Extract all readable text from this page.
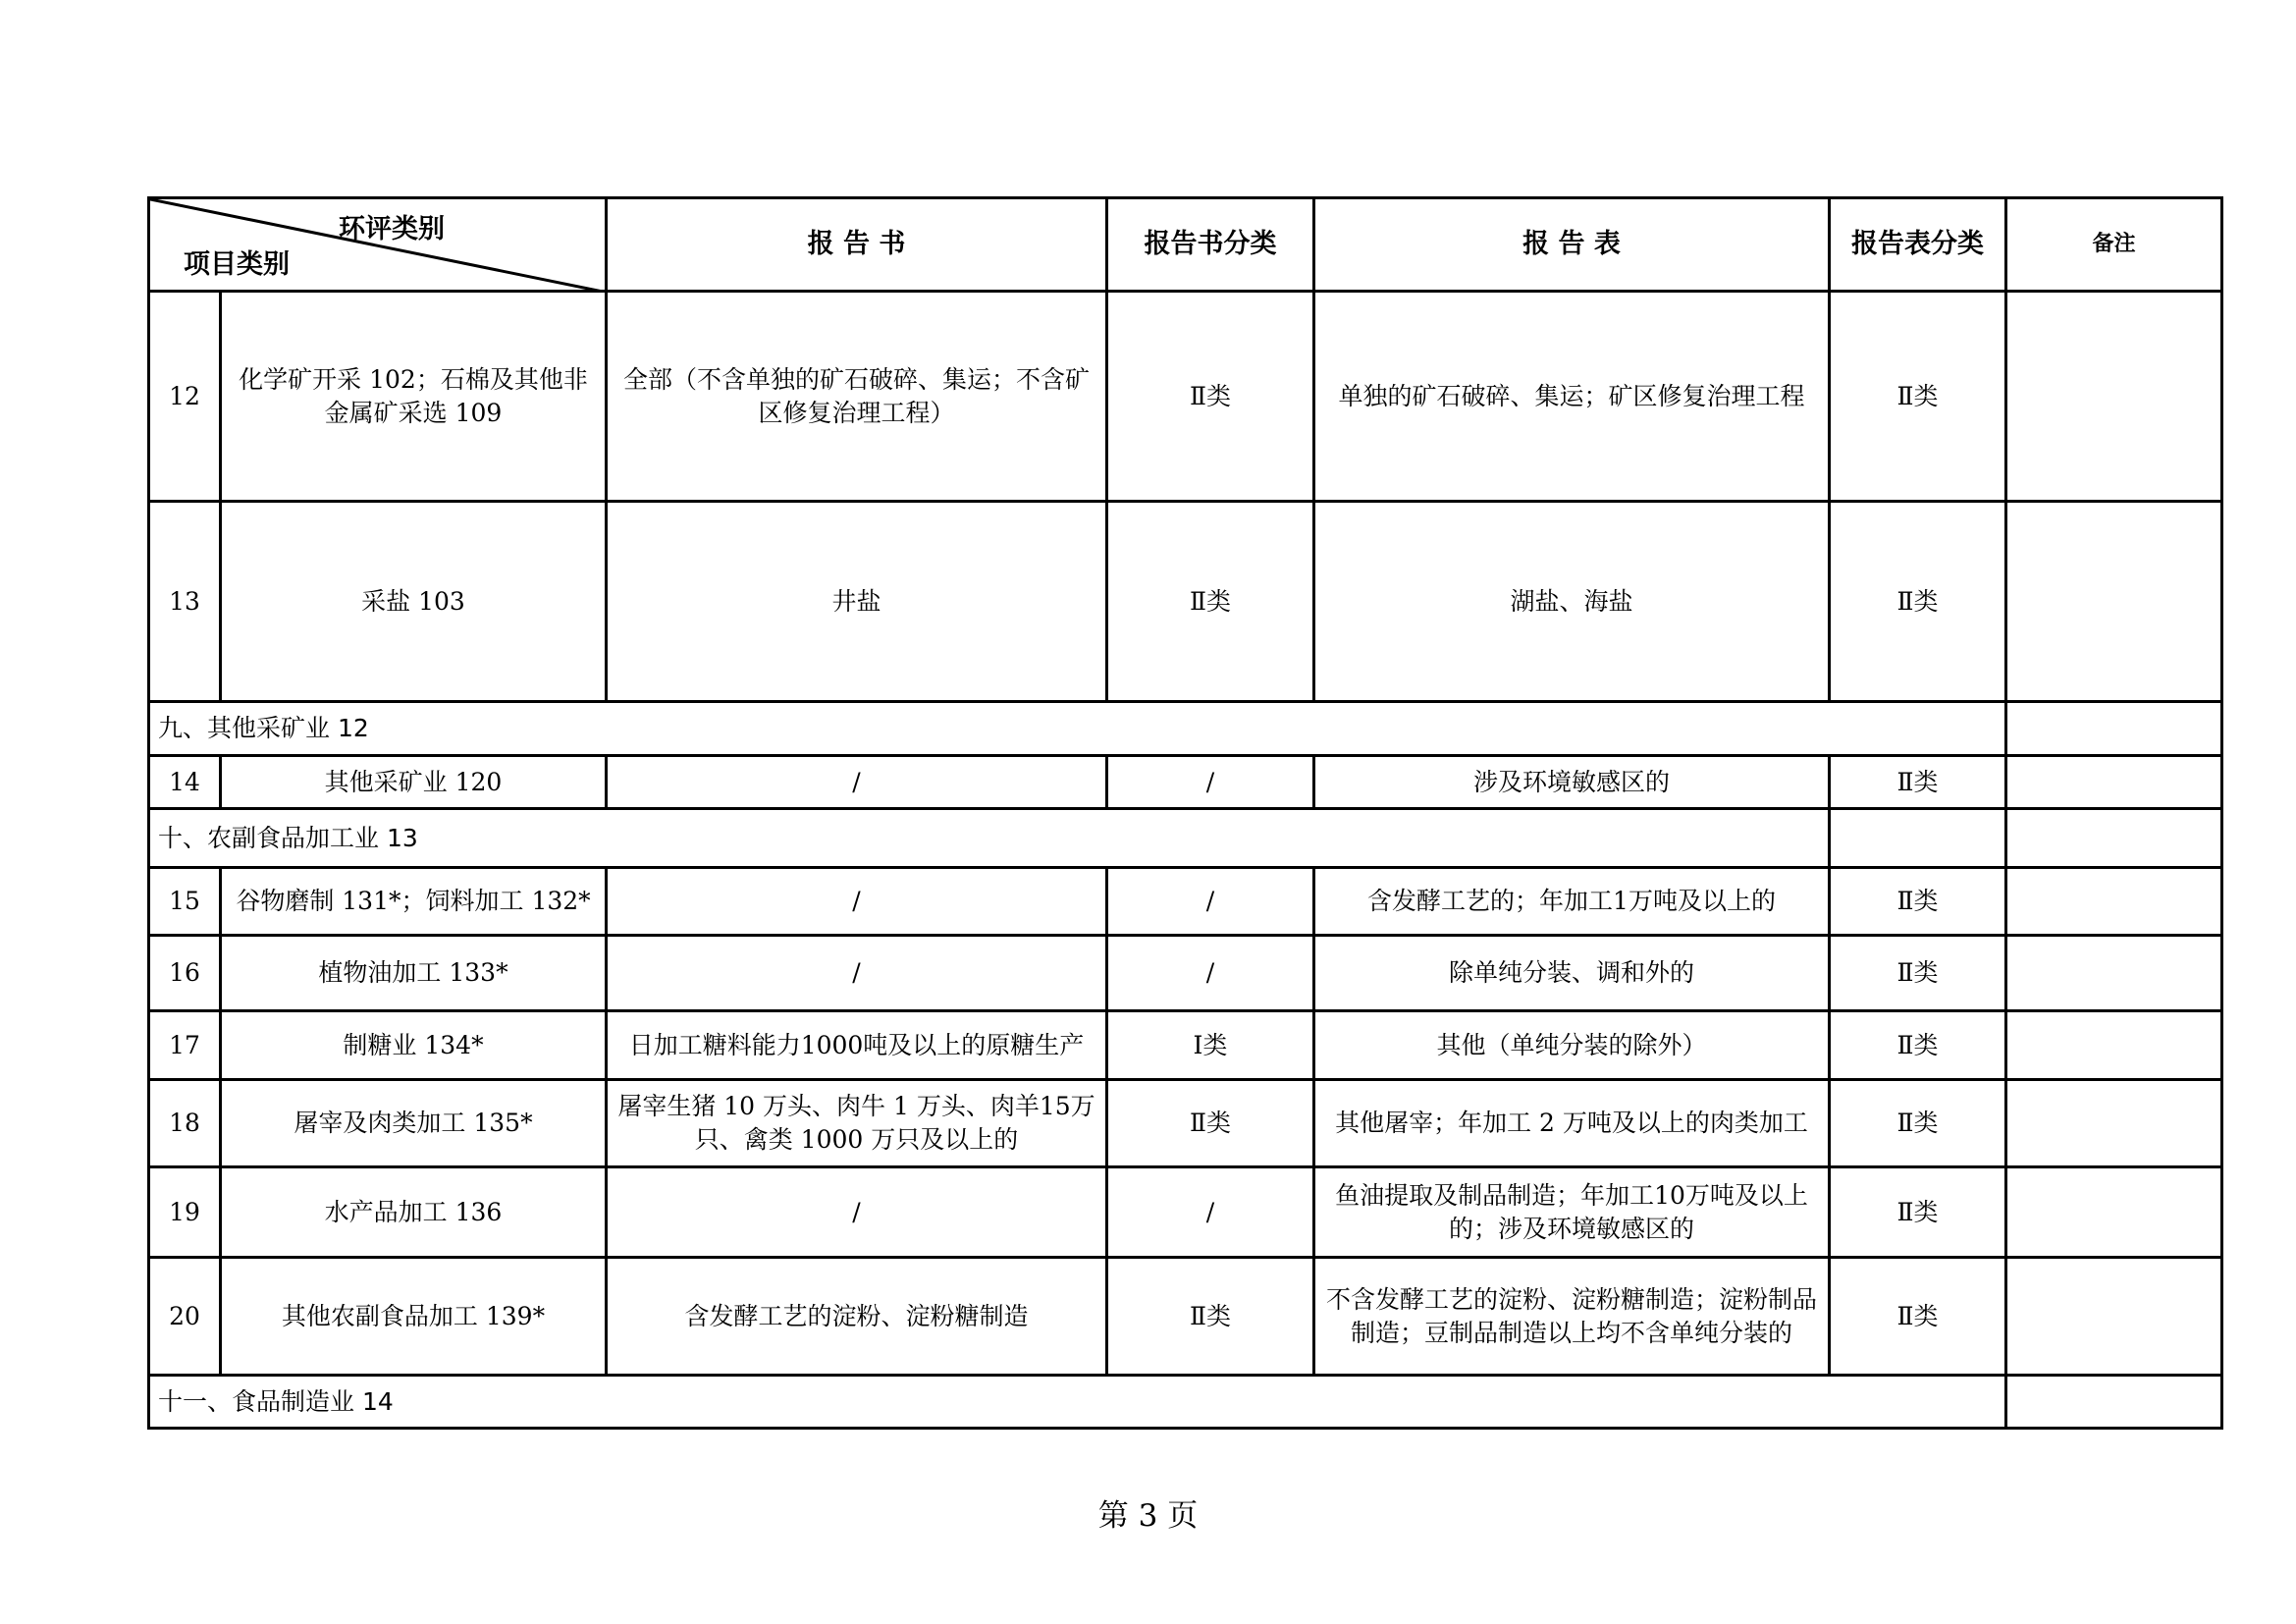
环评类别
项目类别		报 告 书	报告书分类	报 告 表	报告表分类	备注
12	化学矿开采 102；石棉及其他非金属矿采选 109	全部（不含单独的矿石破碎、集运；不含矿区修复治理工程）	Ⅱ类	单独的矿石破碎、集运；矿区修复治理工程	Ⅱ类	
13	采盐 103	井盐	Ⅱ类	湖盐、海盐	Ⅱ类	
九、其他采矿业 12						
14	其他采矿业 120	/	/	涉及环境敏感区的	Ⅱ类	
十、农副食品加工业 13						
15	谷物磨制 131*；饲料加工 132*	/	/	含发酵工艺的；年加工1万吨及以上的	Ⅱ类	
16	植物油加工 133*	/	/	除单纯分装、调和外的	Ⅱ类	
17	制糖业 134*	日加工糖料能力1000吨及以上的原糖生产	Ⅰ类	其他（单纯分装的除外）	Ⅱ类	
18	屠宰及肉类加工 135*	屠宰生猪 10 万头、肉牛 1 万头、肉羊15万只、禽类 1000 万只及以上的	Ⅱ类	其他屠宰；年加工 2 万吨及以上的肉类加工	Ⅱ类	
19	水产品加工 136	/	/	鱼油提取及制品制造；年加工10万吨及以上的；涉及环境敏感区的	Ⅱ类	
20	其他农副食品加工 139*	含发酵工艺的淀粉、淀粉糖制造	Ⅱ类	不含发酵工艺的淀粉、淀粉糖制造；淀粉制品制造；豆制品制造以上均不含单纯分装的	Ⅱ类	
十一、食品制造业 14						
第 3 页
